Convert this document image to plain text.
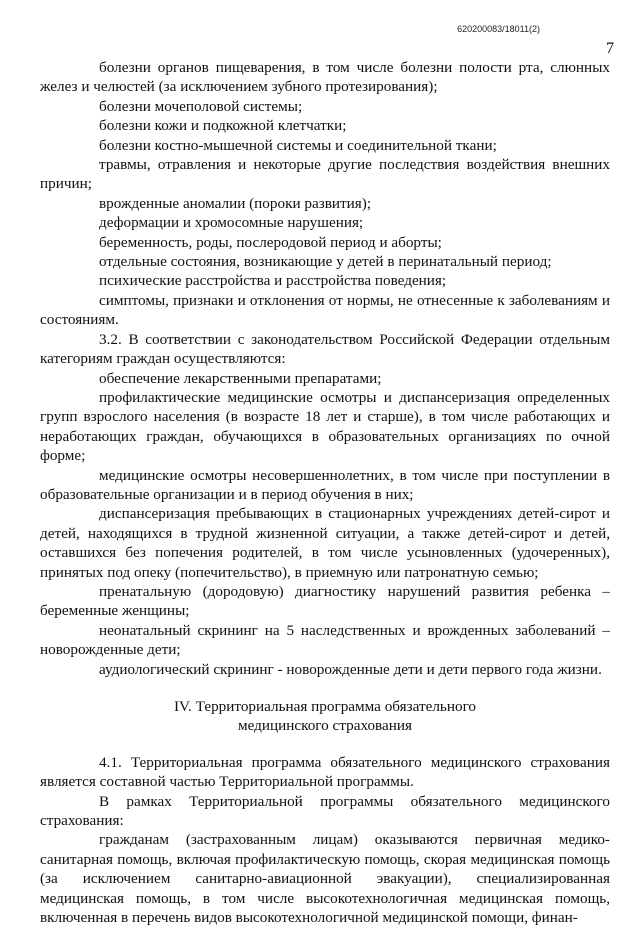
620200083/18011(2)
7

болезни органов пищеварения, в том числе болезни полости рта, слюнных желез и челюстей (за исключением зубного протезирования);

болезни мочеполовой системы;

болезни кожи и подкожной клетчатки;

болезни костно-мышечной системы и соединительной ткани;

травмы, отравления и некоторые другие последствия воздействия внешних причин;

врожденные аномалии (пороки развития);

деформации и хромосомные нарушения;

беременность, роды, послеродовой период и аборты;

отдельные состояния, возникающие у детей в перинатальный период;

психические расстройства и расстройства поведения;

симптомы, признаки и отклонения от нормы, не отнесенные к заболеваниям и состояниям.

3.2. В соответствии с законодательством Российской Федерации отдельным категориям граждан осуществляются:

обеспечение лекарственными препаратами;

профилактические медицинские осмотры и диспансеризация определенных групп взрослого населения (в возрасте 18 лет и старше), в том числе работающих и неработающих граждан, обучающихся в образовательных организациях по очной форме;

медицинские осмотры несовершеннолетних, в том числе при поступлении в образовательные организации и в период обучения в них;

диспансеризация пребывающих в стационарных учреждениях детей-сирот и детей, находящихся в трудной жизненной ситуации, а также детей-сирот и детей, оставшихся без попечения родителей, в том числе усыновленных (удочеренных), принятых под опеку (попечительство), в приемную или патронатную семью;

пренатальную (дородовую) диагностику нарушений развития ребенка – беременные женщины;

неонатальный скрининг на 5 наследственных и врожденных заболеваний – новорожденные дети;

аудиологический скрининг - новорожденные дети и дети первого года жизни.

IV. Территориальная программа обязательного
медицинского страхования

4.1. Территориальная программа обязательного медицинского страхования является составной частью Территориальной программы.

В рамках Территориальной программы обязательного медицинского страхования:

гражданам (застрахованным лицам) оказываются первичная медико-санитарная помощь, включая профилактическую помощь, скорая медицинская помощь (за исключением санитарно-авиационной эвакуации), специализированная медицинская помощь, в том числе высокотехнологичная медицинская помощь, включенная в перечень видов высокотехнологичной медицинской помощи, финан-
